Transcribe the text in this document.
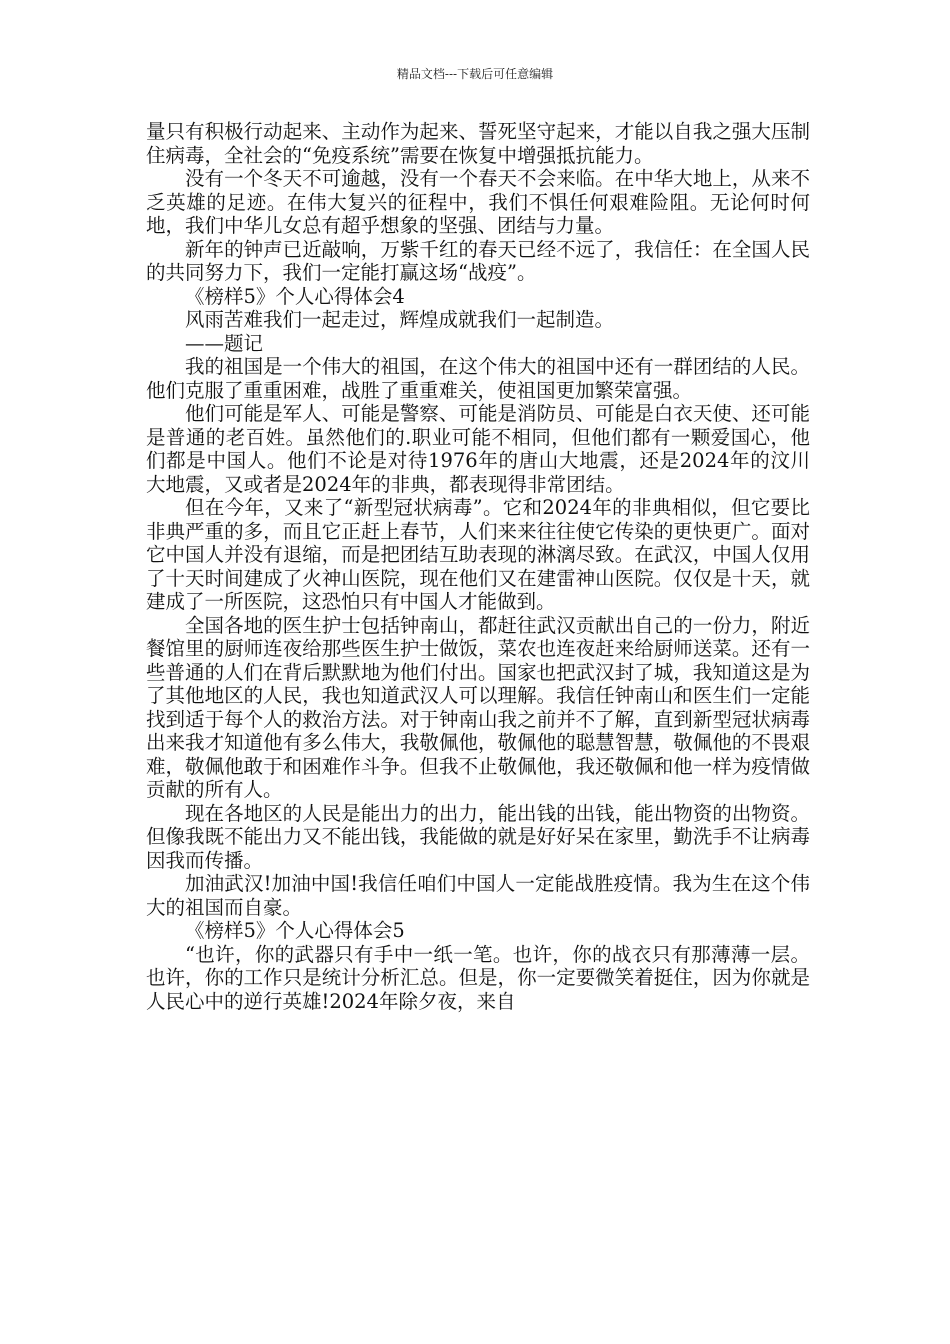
精品文档---下载后可任意编辑

量只有积极行动起来、主动作为起来、誓死坚守起来，才能以自我之强大压制住病毒，全社会的“免疫系统”需要在恢复中增强抵抗能力。

没有一个冬天不可逾越，没有一个春天不会来临。在中华大地上，从来不乏英雄的足迹。在伟大复兴的征程中，我们不惧任何艰难险阻。无论何时何地，我们中华儿女总有超乎想象的坚强、团结与力量。

新年的钟声已近敲响，万紫千红的春天已经不远了，我信任：在全国人民的共同努力下，我们一定能打赢这场“战疫”。

《榜样5》个人心得体会4

风雨苦难我们一起走过，辉煌成就我们一起制造。

——题记

我的祖国是一个伟大的祖国，在这个伟大的祖国中还有一群团结的人民。他们克服了重重困难，战胜了重重难关，使祖国更加繁荣富强。

他们可能是军人、可能是警察、可能是消防员、可能是白衣天使、还可能是普通的老百姓。虽然他们的.职业可能不相同，但他们都有一颗爱国心，他们都是中国人。他们不论是对待1976年的唐山大地震，还是2024年的汶川大地震，又或者是2024年的非典，都表现得非常团结。

但在今年，又来了“新型冠状病毒”。它和2024年的非典相似，但它要比非典严重的多，而且它正赶上春节，人们来来往往使它传染的更快更广。面对它中国人并没有退缩，而是把团结互助表现的淋漓尽致。在武汉，中国人仅用了十天时间建成了火神山医院，现在他们又在建雷神山医院。仅仅是十天，就建成了一所医院，这恐怕只有中国人才能做到。

全国各地的医生护士包括钟南山，都赶往武汉贡献出自己的一份力，附近餐馆里的厨师连夜给那些医生护士做饭，菜农也连夜赶来给厨师送菜。还有一些普通的人们在背后默默地为他们付出。国家也把武汉封了城，我知道这是为了其他地区的人民，我也知道武汉人可以理解。我信任钟南山和医生们一定能找到适于每个人的救治方法。对于钟南山我之前并不了解，直到新型冠状病毒出来我才知道他有多么伟大，我敬佩他，敬佩他的聪慧智慧，敬佩他的不畏艰难，敬佩他敢于和困难作斗争。但我不止敬佩他，我还敬佩和他一样为疫情做贡献的所有人。

现在各地区的人民是能出力的出力，能出钱的出钱，能出物资的出物资。但像我既不能出力又不能出钱，我能做的就是好好呆在家里，勤洗手不让病毒因我而传播。

加油武汉!加油中国!我信任咱们中国人一定能战胜疫情。我为生在这个伟大的祖国而自豪。

《榜样5》个人心得体会5

“也许，你的武器只有手中一纸一笔。也许，你的战衣只有那薄薄一层。也许，你的工作只是统计分析汇总。但是，你一定要微笑着挺住，因为你就是人民心中的逆行英雄!2024年除夕夜，来自
